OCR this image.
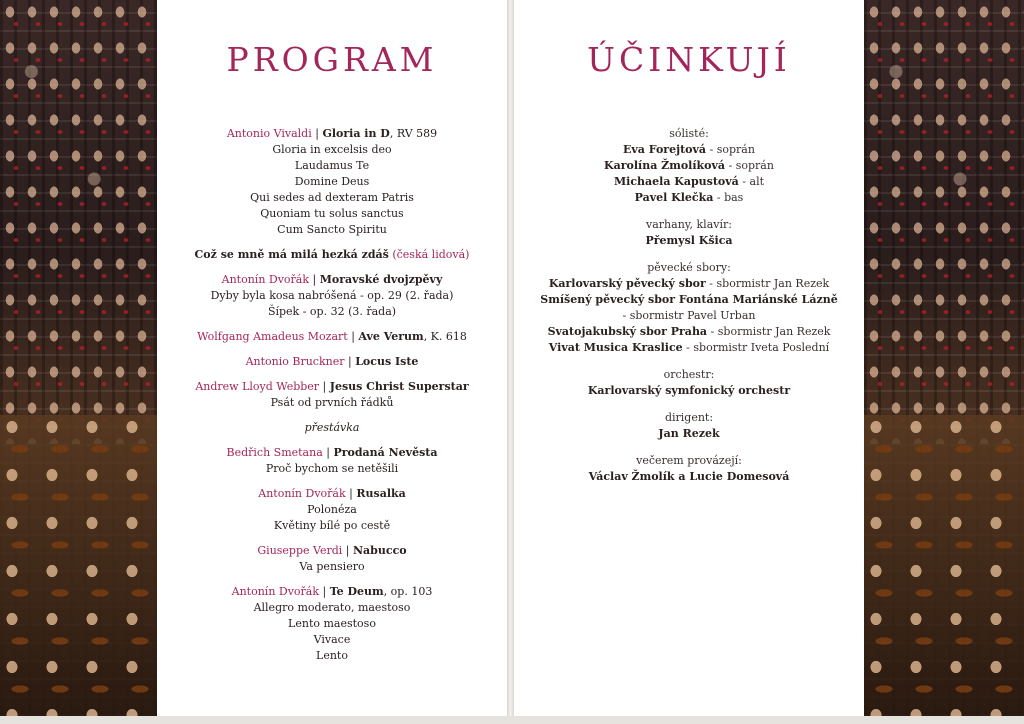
PROGRAM
Antonio Vivaldi | Gloria in D, RV 589
Gloria in excelsis deo
Laudamus Te
Domine Deus
Qui sedes ad dexteram Patris
Quoniam tu solus sanctus
Cum Sancto Spiritu
Což se mně má milá hezká zdáš (česká lidová)
Antonín Dvořák | Moravské dvojzpěvy
Dyby byla kosa nabróšená - op. 29 (2. řada)
Šípek - op. 32 (3. řada)
Wolfgang Amadeus Mozart | Ave Verum, K. 618
Antonio Bruckner | Locus Iste
Andrew Lloyd Webber | Jesus Christ Superstar
Psát od prvních řádků
přestávka
Bedřich Smetana | Prodaná Nevěsta
Proč bychom se netěšili
Antonín Dvořák | Rusalka
Polonéza
Květiny bílé po cestě
Giuseppe Verdi | Nabucco
Va pensiero
Antonín Dvořák | Te Deum, op. 103
Allegro moderato, maestoso
Lento maestoso
Vivace
Lento
ÚČINKUJÍ
sólisté:
Eva Forejtová - soprán
Karolína Žmolíková - soprán
Michaela Kapustová - alt
Pavel Klečka - bas
varhany, klavír:
Přemysl Kšica
pěvecké sbory:
Karlovarský pěvecký sbor - sbormistr Jan Rezek
Smíšený pěvecký sbor Fontána Mariánské Lázně
- sbormistr Pavel Urban
Svatojakubský sbor Praha - sbormistr Jan Rezek
Vivat Musica Kraslice - sbormistr Iveta Poslední
orchestr:
Karlovarský symfonický orchestr
dirigent:
Jan Rezek
večerem provázejí:
Václav Žmolík a Lucie Domesová
